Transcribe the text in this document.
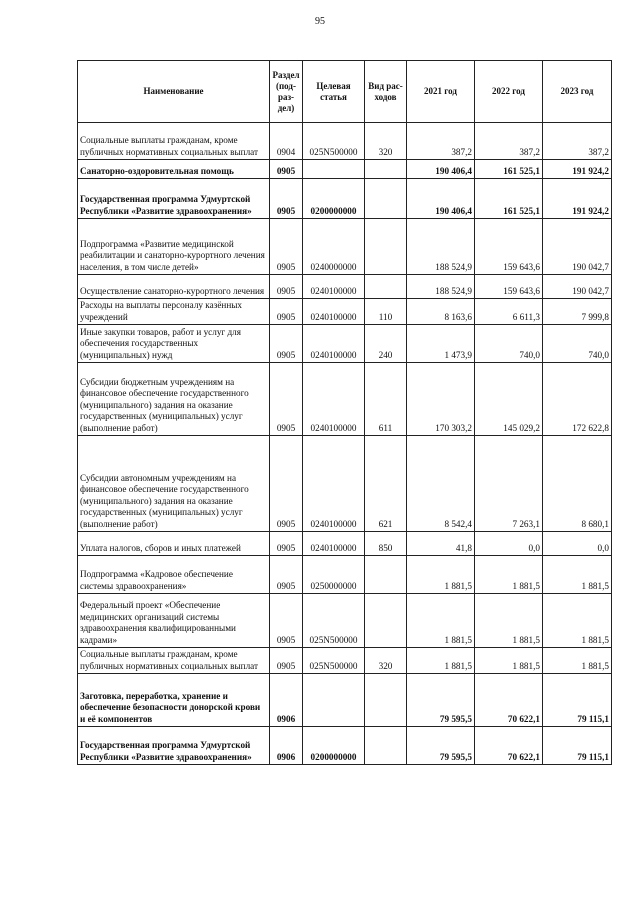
95
Наименование	Раздел (под-раз-дел)	Целевая статья	Вид рас-ходов	2021 год	2022 год	2023 год
Социальные выплаты гражданам, кроме публичных нормативных социальных выплат	0904	025N500000	320	387,2	387,2	387,2
Санаторно-оздоровительная помощь	0905			190 406,4	161 525,1	191 924,2
Государственная программа Удмуртской Республики «Развитие здравоохранения»	0905	0200000000		190 406,4	161 525,1	191 924,2
Подпрограмма «Развитие медицинской реабилитации и санаторно-курортного лечения населения, в том числе детей»	0905	0240000000		188 524,9	159 643,6	190 042,7
Осуществление санаторно-курортного лечения	0905	0240100000		188 524,9	159 643,6	190 042,7
Расходы на выплаты персоналу казённых учреждений	0905	0240100000	110	8 163,6	6 611,3	7 999,8
Иные закупки товаров, работ и услуг для обеспечения государственных (муниципальных) нужд	0905	0240100000	240	1 473,9	740,0	740,0
Субсидии бюджетным учреждениям на финансовое обеспечение государственного (муниципального) задания на оказание государственных (муниципальных) услуг (выполнение работ)	0905	0240100000	611	170 303,2	145 029,2	172 622,8
Субсидии автономным учреждениям на финансовое обеспечение государственного (муниципального) задания на оказание государственных (муниципальных) услуг (выполнение работ)	0905	0240100000	621	8 542,4	7 263,1	8 680,1
Уплата налогов, сборов и иных платежей	0905	0240100000	850	41,8	0,0	0,0
Подпрограмма «Кадровое обеспечение системы здравоохранения»	0905	0250000000		1 881,5	1 881,5	1 881,5
Федеральный проект «Обеспечение медицинских организаций системы здравоохранения квалифицированными кадрами»	0905	025N500000		1 881,5	1 881,5	1 881,5
Социальные выплаты гражданам, кроме публичных нормативных социальных выплат	0905	025N500000	320	1 881,5	1 881,5	1 881,5
Заготовка, переработка, хранение и обеспечение безопасности донорской крови и её компонентов	0906			79 595,5	70 622,1	79 115,1
Государственная программа Удмуртской Республики «Развитие здравоохранения»	0906	0200000000		79 595,5	70 622,1	79 115,1
